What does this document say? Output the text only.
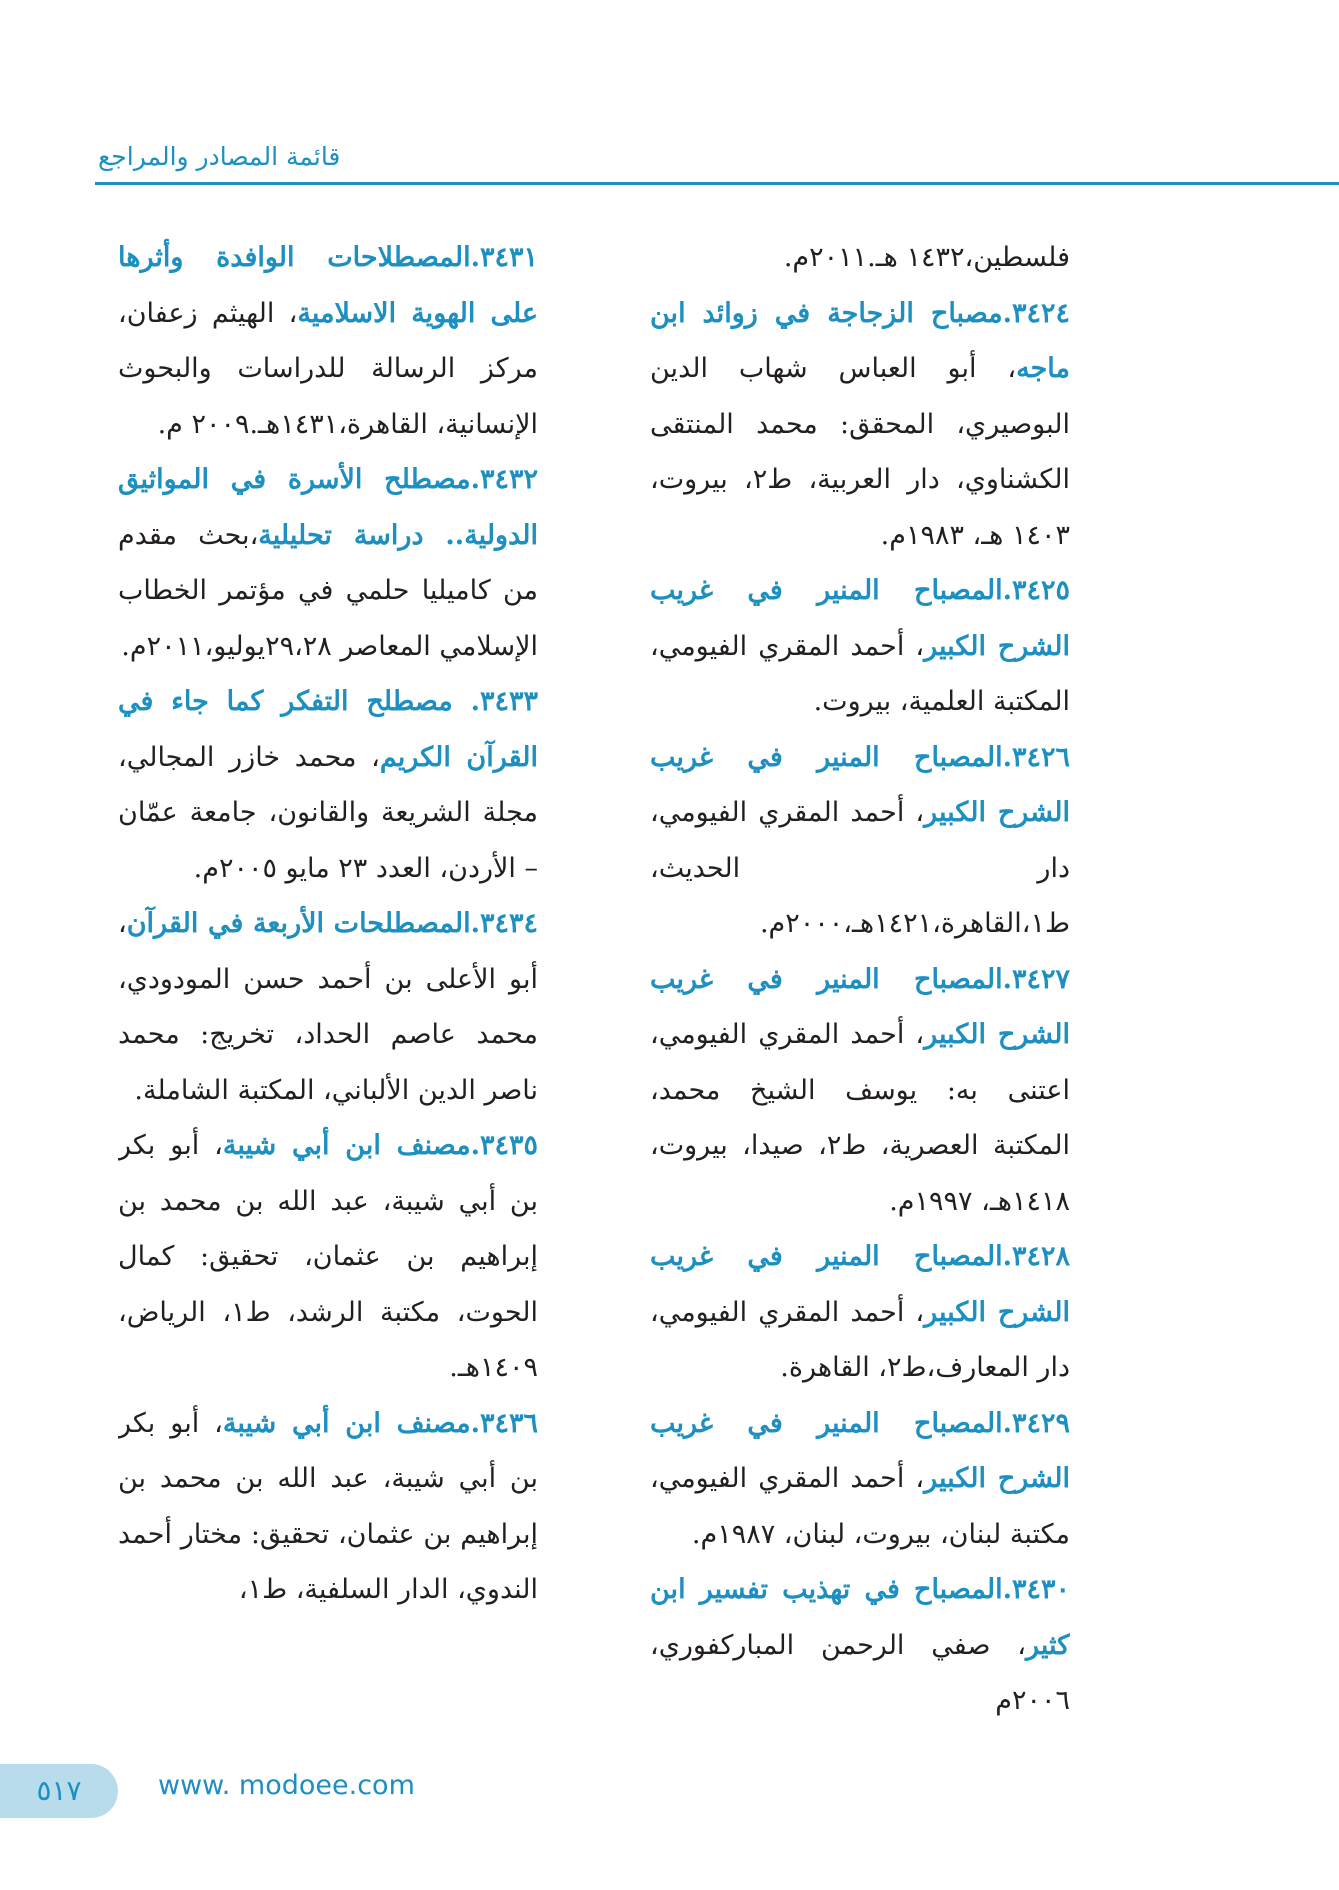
قائمة المصادر والمراجع

فلسطين،١٤٣٢ هـ.٢٠١١م.

٣٤٢٤.مصباح الزجاجة في زوائد ابن ماجه، أبو العباس شهاب الدين البوصيري، المحقق: محمد المنتقى الكشناوي، دار العربية، ط٢، بيروت، ١٤٠٣ هـ، ١٩٨٣م.

٣٤٢٥.المصباح المنير في غريب الشرح الكبير، أحمد المقري الفيومي، المكتبة العلمية، بيروت.

٣٤٢٦.المصباح المنير في غريب الشرح الكبير، أحمد المقري الفيومي، دار الحديث، ط١،القاهرة،١٤٢١هـ،٢٠٠٠م.

٣٤٢٧.المصباح المنير في غريب الشرح الكبير، أحمد المقري الفيومي، اعتنى به: يوسف الشيخ محمد، المكتبة العصرية، ط٢، صيدا، بيروت، ١٤١٨هـ، ١٩٩٧م.

٣٤٢٨.المصباح المنير في غريب الشرح الكبير، أحمد المقري الفيومي، دار المعارف،ط٢، القاهرة.

٣٤٢٩.المصباح المنير في غريب الشرح الكبير، أحمد المقري الفيومي، مكتبة لبنان، بيروت، لبنان، ١٩٨٧م.

٣٤٣٠.المصباح في تهذيب تفسير ابن كثير، صفي الرحمن المباركفوري، ٢٠٠٦م

٣٤٣١.المصطلاحات الوافدة وأثرها على الهوية الاسلامية، الهيثم زعفان، مركز الرسالة للدراسات والبحوث الإنسانية، القاهرة،١٤٣١هـ.٢٠٠٩ م.

٣٤٣٢.مصطلح الأسرة في المواثيق الدولية.. دراسة تحليلية،بحث مقدم من كاميليا حلمي في مؤتمر الخطاب الإسلامي المعاصر ٢٩،٢٨يوليو،٢٠١١م.

٣٤٣٣. مصطلح التفكر كما جاء في القرآن الكريم، محمد خازر المجالي، مجلة الشريعة والقانون، جامعة عمّان – الأردن، العدد ٢٣ مايو ٢٠٠٥م.

٣٤٣٤.المصطلحات الأربعة في القرآن، أبو الأعلى بن أحمد حسن المودودي، محمد عاصم الحداد، تخريج: محمد ناصر الدين الألباني، المكتبة الشاملة.

٣٤٣٥.مصنف ابن أبي شيبة، أبو بكر بن أبي شيبة، عبد الله بن محمد بن إبراهيم بن عثمان، تحقيق: كمال الحوت، مكتبة الرشد، ط١، الرياض، ١٤٠٩هـ.

٣٤٣٦.مصنف ابن أبي شيبة، أبو بكر بن أبي شيبة، عبد الله بن محمد بن إبراهيم بن عثمان، تحقيق: مختار أحمد الندوي، الدار السلفية، ط١،

٥١٧	www. modoee.com
